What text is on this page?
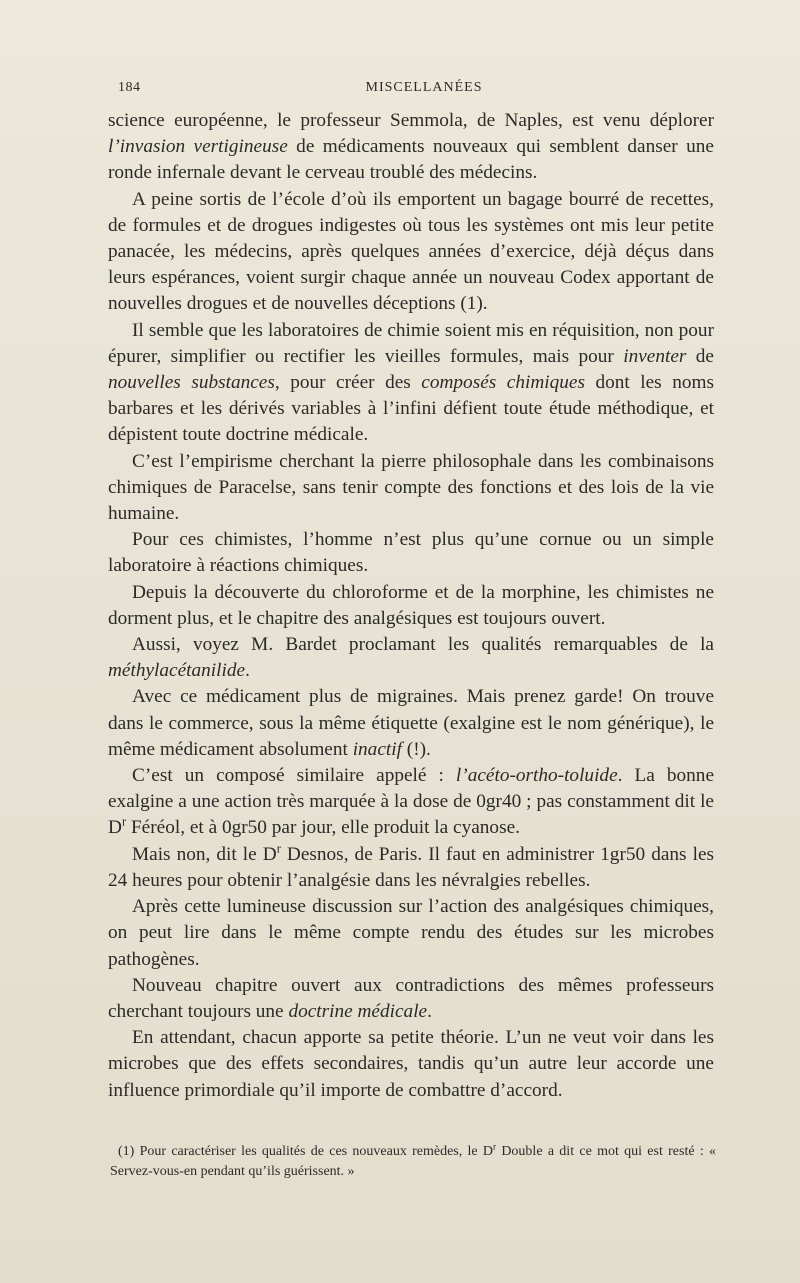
184	MISCELLANÉES

science européenne, le professeur Semmola, de Naples, est venu déplorer l’invasion vertigineuse de médicaments nouveaux qui semblent danser une ronde infernale devant le cerveau troublé des médecins.

A peine sortis de l’école d’où ils emportent un bagage bourré de recettes, de formules et de drogues indigestes où tous les systèmes ont mis leur petite panacée, les médecins, après quelques années d’exercice, déjà déçus dans leurs espérances, voient surgir chaque année un nouveau Codex apportant de nouvelles drogues et de nouvelles déceptions (1).

Il semble que les laboratoires de chimie soient mis en réquisition, non pour épurer, simplifier ou rectifier les vieilles formules, mais pour inventer de nouvelles substances, pour créer des composés chimiques dont les noms barbares et les dérivés variables à l’infini défient toute étude méthodique, et dépistent toute doctrine médicale.

C’est l’empirisme cherchant la pierre philosophale dans les combinaisons chimiques de Paracelse, sans tenir compte des fonctions et des lois de la vie humaine.

Pour ces chimistes, l’homme n’est plus qu’une cornue ou un simple laboratoire à réactions chimiques.

Depuis la découverte du chloroforme et de la morphine, les chimistes ne dorment plus, et le chapitre des analgésiques est toujours ouvert.

Aussi, voyez M. Bardet proclamant les qualités remarquables de la méthylacétanilide.

Avec ce médicament plus de migraines. Mais prenez garde! On trouve dans le commerce, sous la même étiquette (exalgine est le nom générique), le même médicament absolument inactif (!).

C’est un composé similaire appelé : l’acéto-ortho-toluide. La bonne exalgine a une action très marquée à la dose de 0gr40 ; pas constamment dit le $D^r$ Féréol, et à 0gr50 par jour, elle produit la cyanose.

Mais non, dit le $D^r$ Desnos, de Paris. Il faut en administrer 1gr50 dans les 24 heures pour obtenir l’analgésie dans les névralgies rebelles.

Après cette lumineuse discussion sur l’action des analgésiques chimiques, on peut lire dans le même compte rendu des études sur les microbes pathogènes.

Nouveau chapitre ouvert aux contradictions des mêmes professeurs cherchant toujours une doctrine médicale.

En attendant, chacun apporte sa petite théorie. L’un ne veut voir dans les microbes que des effets secondaires, tandis qu’un autre leur accorde une influence primordiale qu’il importe de combattre d’accord.

(1) Pour caractériser les qualités de ces nouveaux remèdes, le $D^r$ Double a dit ce mot qui est resté : « Servez-vous-en pendant qu’ils guérissent. »
